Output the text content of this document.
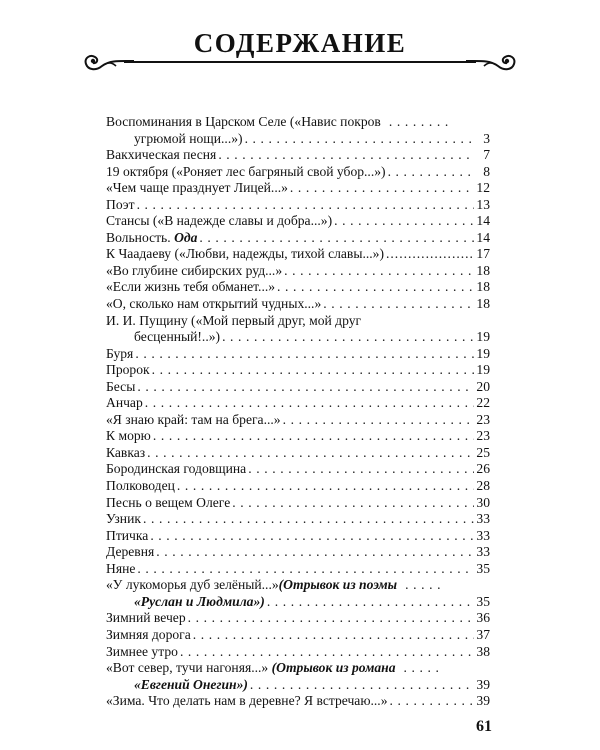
СОДЕРЖАНИЕ
Воспоминания в Царском Селе («Навис покров
. . .
угрюмой нощи...») . . .	3
Вакхическая песня . . .	7
19 октября («Роняет лес багряный свой убор...») . . .	8
«Чем чаще празднует Лицей...» . . .	12
Поэт . . .	13
Стансы («В надежде славы и добра...») . . .	14
Вольность. Ода . . .	14
К Чаадаеву («Любви, надежды, тихой славы...») . . .	17
«Во глубине сибирских руд...» . . .	18
«Если жизнь тебя обманет...» . . .	18
«О, сколько нам открытий чудных...» . . .	18
И. И. Пущину («Мой первый друг, мой друг
бесценный!..») . . .	19
Буря . . .	19
Пророк . . .	19
Бесы . . .	20
Анчар . . .	22
«Я знаю край: там на брега...» . . .	23
К морю . . .	23
Кавказ . . .	25
Бородинская годовщина . . .	26
Полководец . . .	28
Песнь о вещем Олеге . . .	30
Узник . . .	33
Птичка . . .	33
Деревня . . .	33
Няне . . .	35
«У лукоморья дуб зелёный...»(Отрывок из поэмы
. . .
«Руслан и Людмила») . . .	35
Зимний вечер . . .	36
Зимняя дорога . . .	37
Зимнее утро . . .	38
«Вот север, тучи нагоняя...» (Отрывок из романа
. . .
«Евгений Онегин») . . .	39
«Зима. Что делать нам в деревне? Я встречаю...» . . .	39
61
